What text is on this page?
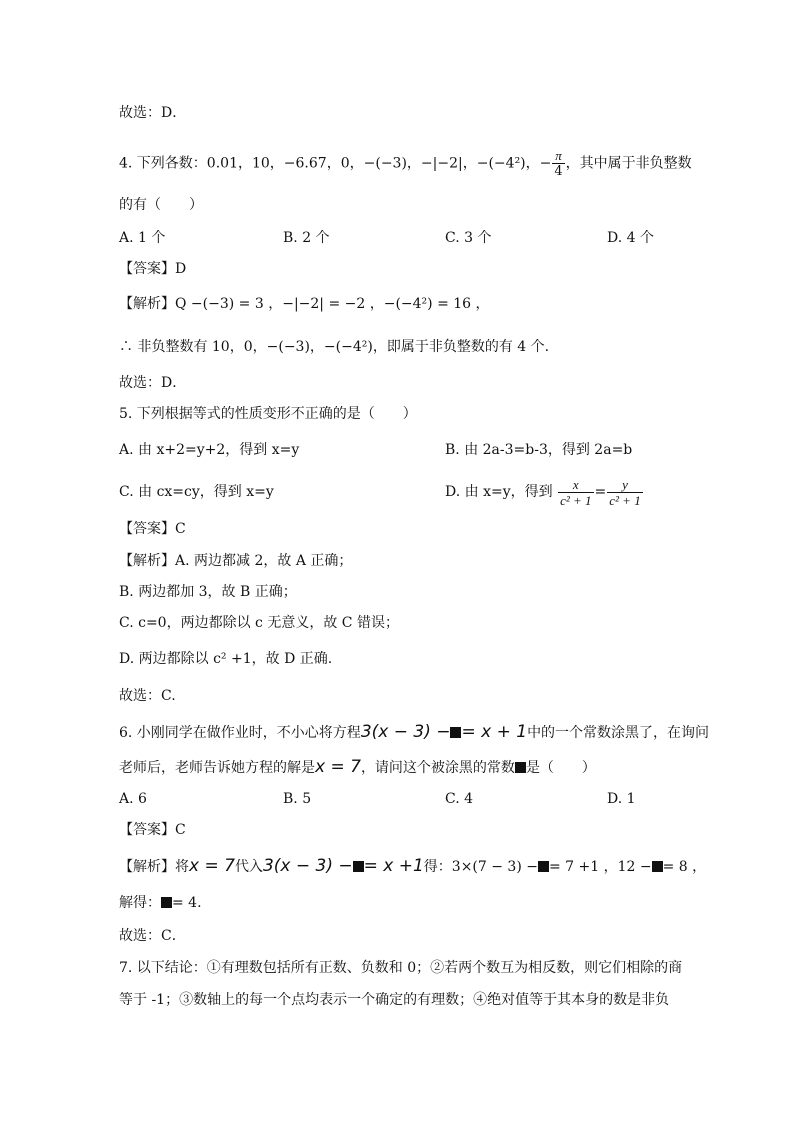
故选：D．
4. 下列各数：0.01，10，−6.67，0，−(−3)，−|−2|，−(−4²)，− $\frac{\pi}{4}$ ，其中属于非负整数
的有（　　）
A. 1 个	B. 2 个	C. 3 个	D. 4 个
【答案】D
【解析】Q −(−3) = 3 ，−|−2| = −2 ，−(−4²) = 16 ，
∴ 非负整数有 10，0，−(−3)，−(−4²)，即属于非负整数的有 4 个.
故选：D．
5. 下列根据等式的性质变形不正确的是（　　）
A. 由 x+2=y+2，得到 x=y	B. 由 2a-3=b-3，得到 2a=b
C. 由 cx=cy，得到 x=y	D. 由 x=y，得到 $\frac{x}{\text{c² + 1}} = \frac{y}{\text{c² + 1}}$
【答案】C
【解析】A. 两边都减 2，故 A 正确；
B. 两边都加 3，故 B 正确；
C. c=0，两边都除以 c 无意义，故 C 错误；
D. 两边都除以 c² +1，故 D 正确.
故选：C.
6. 小刚同学在做作业时，不小心将方程3(x − 3) − = x + 1中的一个常数涂黑了，在询问
老师后，老师告诉她方程的解是x = 7，请问这个被涂黑的常数 是（　　）
A. 6	B. 5	C. 4	D. 1
【答案】C
【解析】将x = 7代入3(x − 3) − = x +1得：3×(7 − 3) − = 7 +1 ，12 − = 8 ，
解得： = 4.
故选：C．
7. 以下结论：①有理数包括所有正数、负数和 0；②若两个数互为相反数，则它们相除的商
等于 -1；③数轴上的每一个点均表示一个确定的有理数；④绝对值等于其本身的数是非负
